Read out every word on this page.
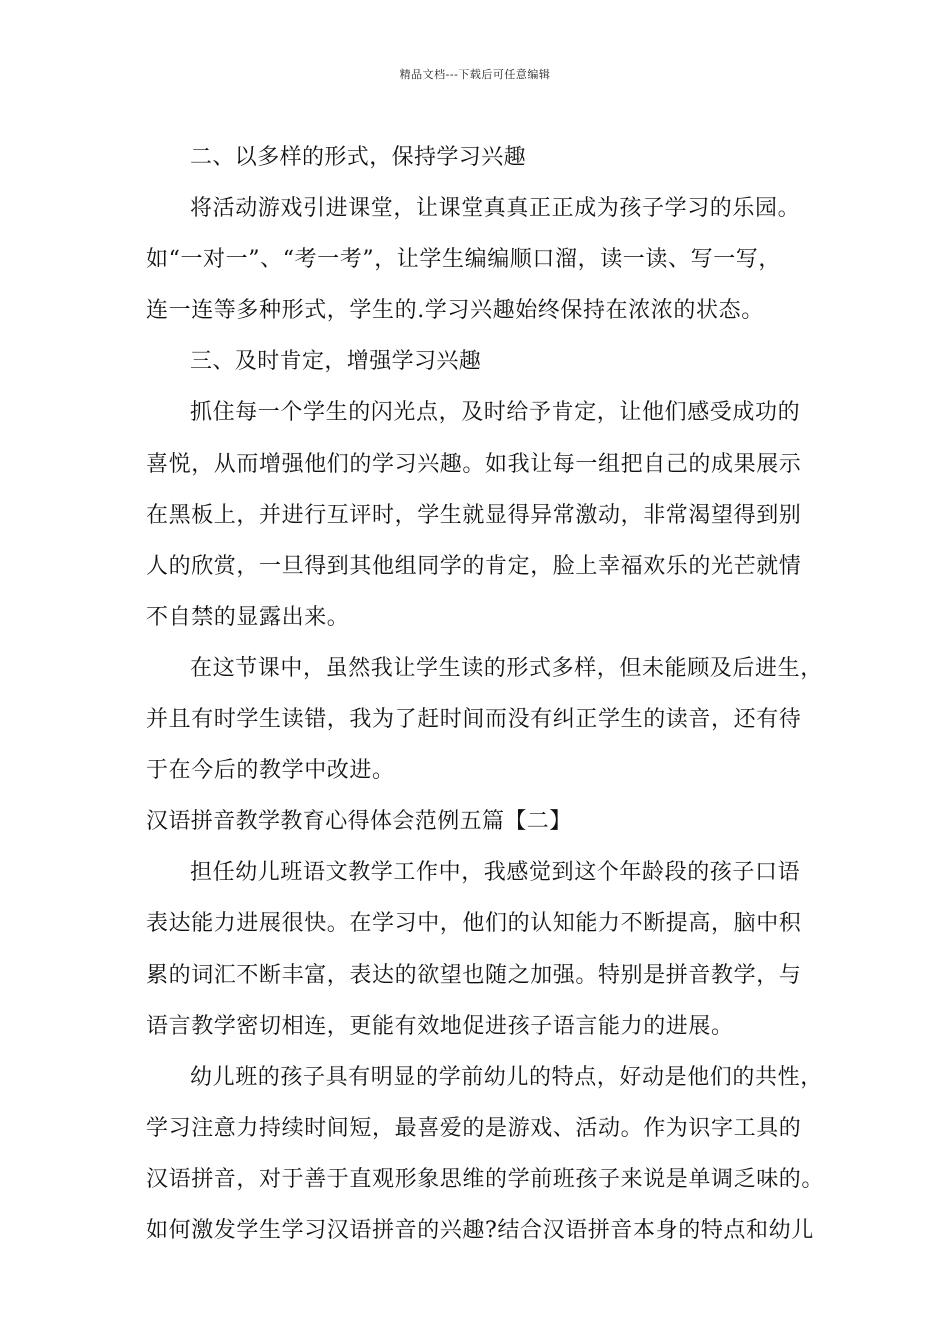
精品文档---下载后可任意编辑
二、以多样的形式，保持学习兴趣
将活动游戏引进课堂，让课堂真真正正成为孩子学习的乐园。
如“一对一”、“考一考”，让学生编编顺口溜，读一读、写一写，
连一连等多种形式，学生的.学习兴趣始终保持在浓浓的状态。
三、及时肯定，增强学习兴趣
抓住每一个学生的闪光点，及时给予肯定，让他们感受成功的
喜悦，从而增强他们的学习兴趣。如我让每一组把自己的成果展示
在黑板上，并进行互评时，学生就显得异常激动，非常渴望得到别
人的欣赏，一旦得到其他组同学的肯定，脸上幸福欢乐的光芒就情
不自禁的显露出来。
在这节课中，虽然我让学生读的形式多样，但未能顾及后进生，
并且有时学生读错，我为了赶时间而没有纠正学生的读音，还有待
于在今后的教学中改进。
汉语拼音教学教育心得体会范例五篇【二】
担任幼儿班语文教学工作中，我感觉到这个年龄段的孩子口语
表达能力进展很快。在学习中，他们的认知能力不断提高，脑中积
累的词汇不断丰富，表达的欲望也随之加强。特别是拼音教学，与
语言教学密切相连，更能有效地促进孩子语言能力的进展。
幼儿班的孩子具有明显的学前幼儿的特点，好动是他们的共性，
学习注意力持续时间短，最喜爱的是游戏、活动。作为识字工具的
汉语拼音，对于善于直观形象思维的学前班孩子来说是单调乏味的。
如何激发学生学习汉语拼音的兴趣?结合汉语拼音本身的特点和幼儿
